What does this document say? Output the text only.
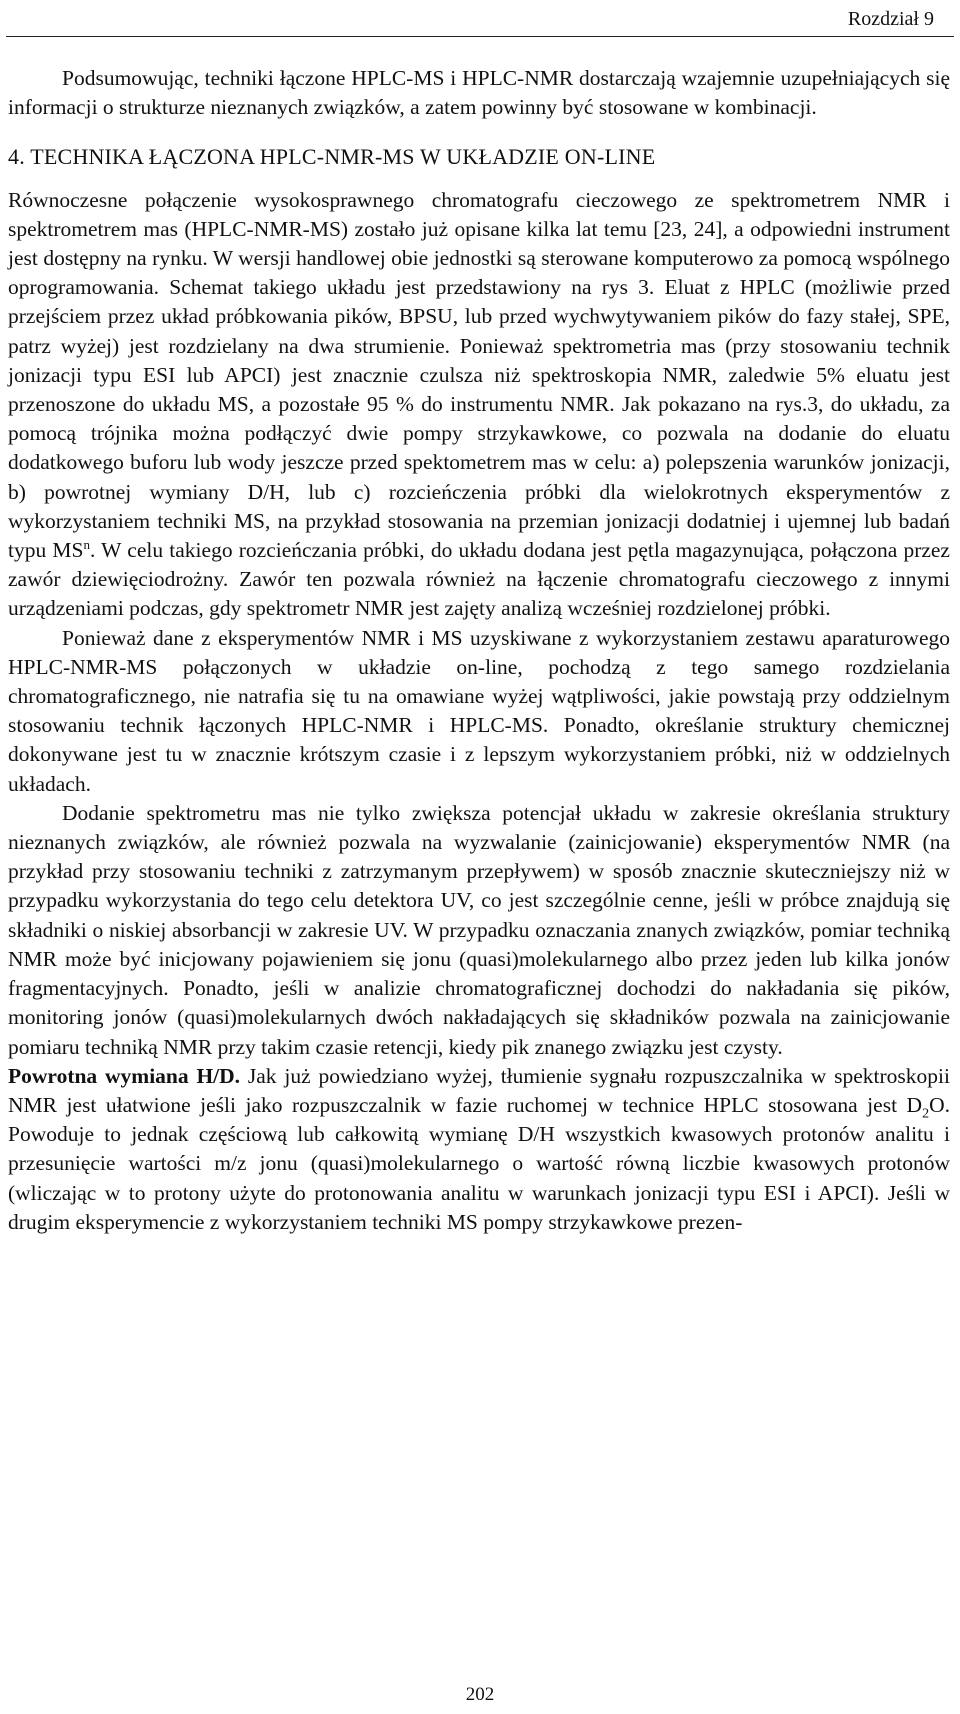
Rozdział 9

Podsumowując, techniki łączone HPLC-MS i HPLC-NMR dostarczają wzajemnie uzupełniających się informacji o strukturze nieznanych związków, a zatem powinny być stosowane w kombinacji.

4. TECHNIKA ŁĄCZONA HPLC-NMR-MS W UKŁADZIE ON-LINE

Równoczesne połączenie wysokosprawnego chromatografu cieczowego ze spektrometrem NMR i spektrometrem mas (HPLC-NMR-MS) zostało już opisane kilka lat temu [23, 24], a odpowiedni instrument jest dostępny na rynku. W wersji handlowej obie jednostki są sterowane komputerowo za pomocą wspólnego oprogramowania. Schemat takiego układu jest przedstawiony na rys 3. Eluat z HPLC (możliwie przed przejściem przez układ próbkowania pików, BPSU, lub przed wychwytywaniem pików do fazy stałej, SPE, patrz wyżej) jest rozdzielany na dwa strumienie. Ponieważ spektrometria mas (przy stosowaniu technik jonizacji typu ESI lub APCI) jest znacznie czulsza niż spektroskopia NMR, zaledwie 5% eluatu jest przenoszone do układu MS, a pozostałe 95 % do instrumentu NMR. Jak pokazano na rys.3, do układu, za pomocą trójnika można podłączyć dwie pompy strzykawkowe, co pozwala na dodanie do eluatu dodatkowego buforu lub wody jeszcze przed spektometrem mas w celu: a) polepszenia warunków jonizacji, b) powrotnej wymiany D/H, lub c) rozcieńczenia próbki dla wielokrotnych eksperymentów z wykorzystaniem techniki MS, na przykład stosowania na przemian jonizacji dodatniej i ujemnej lub badań typu $MS^n$. W celu takiego rozcieńczania próbki, do układu dodana jest pętla magazynująca, połączona przez zawór dziewięciodrożny. Zawór ten pozwala również na łączenie chromatografu cieczowego z innymi urządzeniami podczas, gdy spektrometr NMR jest zajęty analizą wcześniej rozdzielonej próbki.

Ponieważ dane z eksperymentów NMR i MS uzyskiwane z wykorzystaniem zestawu aparaturowego HPLC-NMR-MS połączonych w układzie on-line, pochodzą z tego samego rozdzielania chromatograficznego, nie natrafia się tu na omawiane wyżej wątpliwości, jakie powstają przy oddzielnym stosowaniu technik łączonych HPLC-NMR i HPLC-MS. Ponadto, określanie struktury chemicznej dokonywane jest tu w znacznie krótszym czasie i z lepszym wykorzystaniem próbki, niż w oddzielnych układach.

Dodanie spektrometru mas nie tylko zwiększa potencjał układu w zakresie określania struktury nieznanych związków, ale również pozwala na wyzwalanie (zainicjowanie) eksperymentów NMR (na przykład przy stosowaniu techniki z zatrzymanym przepływem) w sposób znacznie skuteczniejszy niż w przypadku wykorzystania do tego celu detektora UV, co jest szczególnie cenne, jeśli w próbce znajdują się składniki o niskiej absorbancji w zakresie UV. W przypadku oznaczania znanych związków, pomiar techniką NMR może być inicjowany pojawieniem się jonu (quasi)molekularnego albo przez jeden lub kilka jonów fragmentacyjnych. Ponadto, jeśli w analizie chromatograficznej dochodzi do nakładania się pików, monitoring jonów (quasi)molekularnych dwóch nakładających się składników pozwala na zainicjowanie pomiaru techniką NMR przy takim czasie retencji, kiedy pik znanego związku jest czysty.

Powrotna wymiana H/D. Jak już powiedziano wyżej, tłumienie sygnału rozpuszczalnika w spektroskopii NMR jest ułatwione jeśli jako rozpuszczalnik w fazie ruchomej w technice HPLC stosowana jest $D_2O$. Powoduje to jednak częściową lub całkowitą wymianę D/H wszystkich kwasowych protonów analitu i przesunięcie wartości m/z jonu (quasi)molekularnego o wartość równą liczbie kwasowych protonów (wliczając w to protony użyte do protonowania analitu w warunkach jonizacji typu ESI i APCI). Jeśli w drugim eksperymencie z wykorzystaniem techniki MS pompy strzykawkowe prezen-

202
